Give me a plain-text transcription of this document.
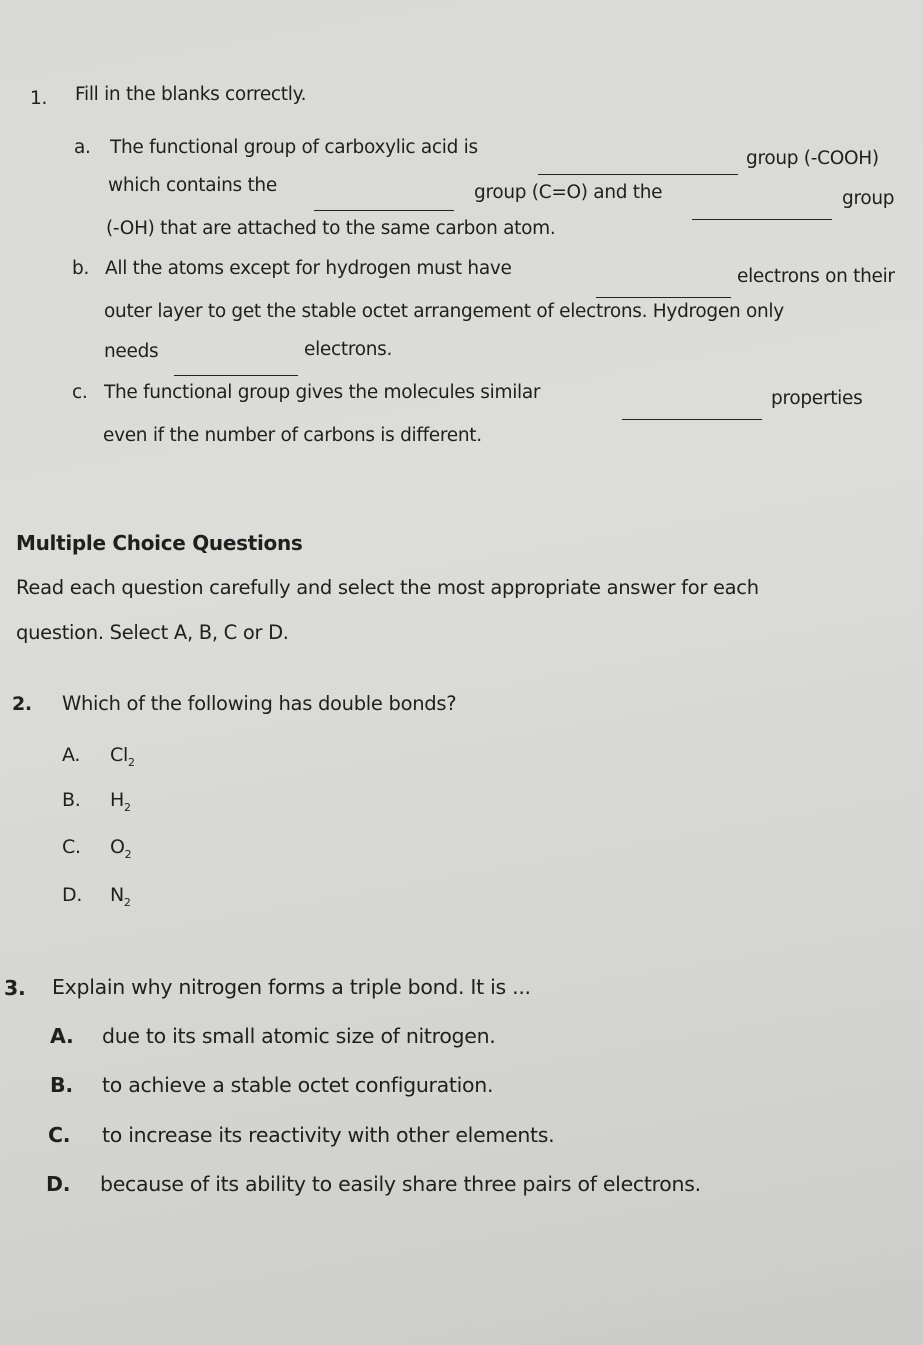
1. Fill in the blanks correctly.
a. The functional group of carboxylic acid is
group (-COOH)
which contains the	group (C=O) and the	group
(-OH) that are attached to the same carbon atom.
b. All the atoms except for hydrogen must have	electrons on their
outer layer to get the stable octet arrangement of electrons. Hydrogen only
needs	electrons.
c. The functional group gives the molecules similar	properties
even if the number of carbons is different.
Multiple Choice Questions
Read each question carefully and select the most appropriate answer for each
question. Select A, B, C or D.
2. Which of the following has double bonds?
A. $Cl_2$
B. $H_2$
C. $O_2$
D. $N_2$
3. Explain why nitrogen forms a triple bond. It is ...
A. due to its small atomic size of nitrogen.
B. to achieve a stable octet configuration.
C. to increase its reactivity with other elements.
D. because of its ability to easily share three pairs of electrons.
